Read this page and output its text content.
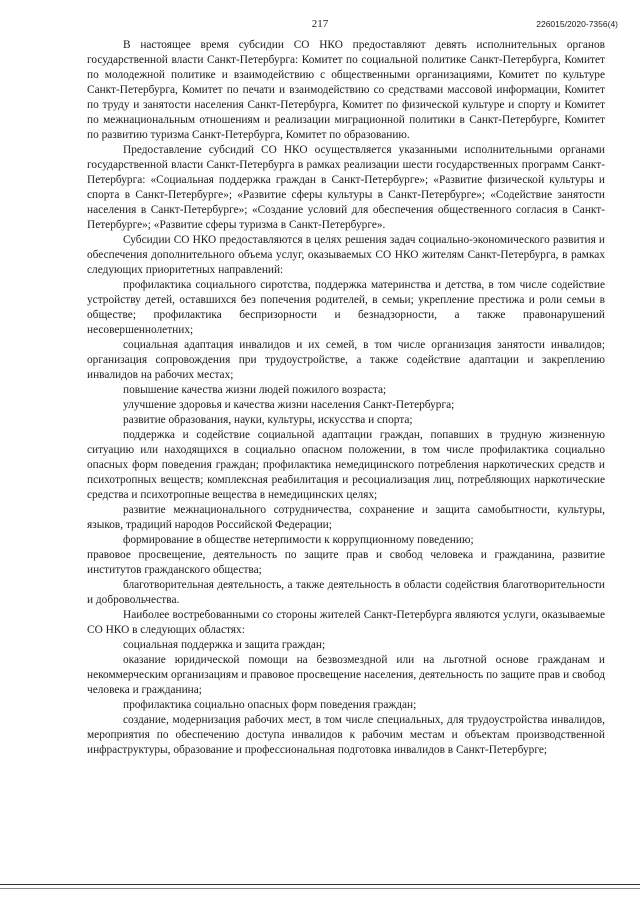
217	226015/2020-7356(4)

В настоящее время субсидии СО НКО предоставляют девять исполнительных органов государственной власти Санкт-Петербурга: Комитет по социальной политике Санкт-Петербурга, Комитет по молодежной политике и взаимодействию с общественными организациями, Комитет по культуре Санкт-Петербурга, Комитет по печати и взаимодействию со средствами массовой информации, Комитет по труду и занятости населения Санкт-Петербурга, Комитет по физической культуре и спорту и Комитет по межнациональным отношениям и реализации миграционной политики в Санкт-Петербурге, Комитет по развитию туризма Санкт-Петербурга, Комитет по образованию.

Предоставление субсидий СО НКО осуществляется указанными исполнительными органами государственной власти Санкт-Петербурга в рамках реализации шести государственных программ Санкт-Петербурга: «Социальная поддержка граждан в Санкт-Петербурге»; «Развитие физической культуры и спорта в Санкт-Петербурге»; «Развитие сферы культуры в Санкт-Петербурге»; «Содействие занятости населения в Санкт-Петербурге»; «Создание условий для обеспечения общественного согласия в Санкт-Петербурге»; «Развитие сферы туризма в Санкт-Петербурге».

Субсидии СО НКО предоставляются в целях решения задач социально-экономического развития и обеспечения дополнительного объема услуг, оказываемых СО НКО жителям Санкт-Петербурга, в рамках следующих приоритетных направлений:

профилактика социального сиротства, поддержка материнства и детства, в том числе содействие устройству детей, оставшихся без попечения родителей, в семьи; укрепление престижа и роли семьи в обществе; профилактика беспризорности и безнадзорности, а также правонарушений несовершеннолетних;

социальная адаптация инвалидов и их семей, в том числе организация занятости инвалидов; организация сопровождения при трудоустройстве, а также содействие адаптации и закреплению инвалидов на рабочих местах;

повышение качества жизни людей пожилого возраста;

улучшение здоровья и качества жизни населения Санкт-Петербурга;

развитие образования, науки, культуры, искусства и спорта;

поддержка и содействие социальной адаптации граждан, попавших в трудную жизненную ситуацию или находящихся в социально опасном положении, в том числе профилактика социально опасных форм поведения граждан; профилактика немедицинского потребления наркотических средств и психотропных веществ; комплексная реабилитация и ресоциализация лиц, потребляющих наркотические средства и психотропные вещества в немедицинских целях;

развитие межнационального сотрудничества, сохранение и защита самобытности, культуры, языков, традиций народов Российской Федерации;

формирование в обществе нетерпимости к коррупционному поведению;

правовое просвещение, деятельность по защите прав и свобод человека и гражданина, развитие институтов гражданского общества;

благотворительная деятельность, а также деятельность в области содействия благотворительности и добровольчества.

Наиболее востребованными со стороны жителей Санкт-Петербурга являются услуги, оказываемые СО НКО в следующих областях:

социальная поддержка и защита граждан;

оказание юридической помощи на безвозмездной или на льготной основе гражданам и некоммерческим организациям и правовое просвещение населения, деятельность по защите прав и свобод человека и гражданина;

профилактика социально опасных форм поведения граждан;

создание, модернизация рабочих мест, в том числе специальных, для трудоустройства инвалидов, мероприятия по обеспечению доступа инвалидов к рабочим местам и объектам производственной инфраструктуры, образование и профессиональная подготовка инвалидов в Санкт-Петербурге;
